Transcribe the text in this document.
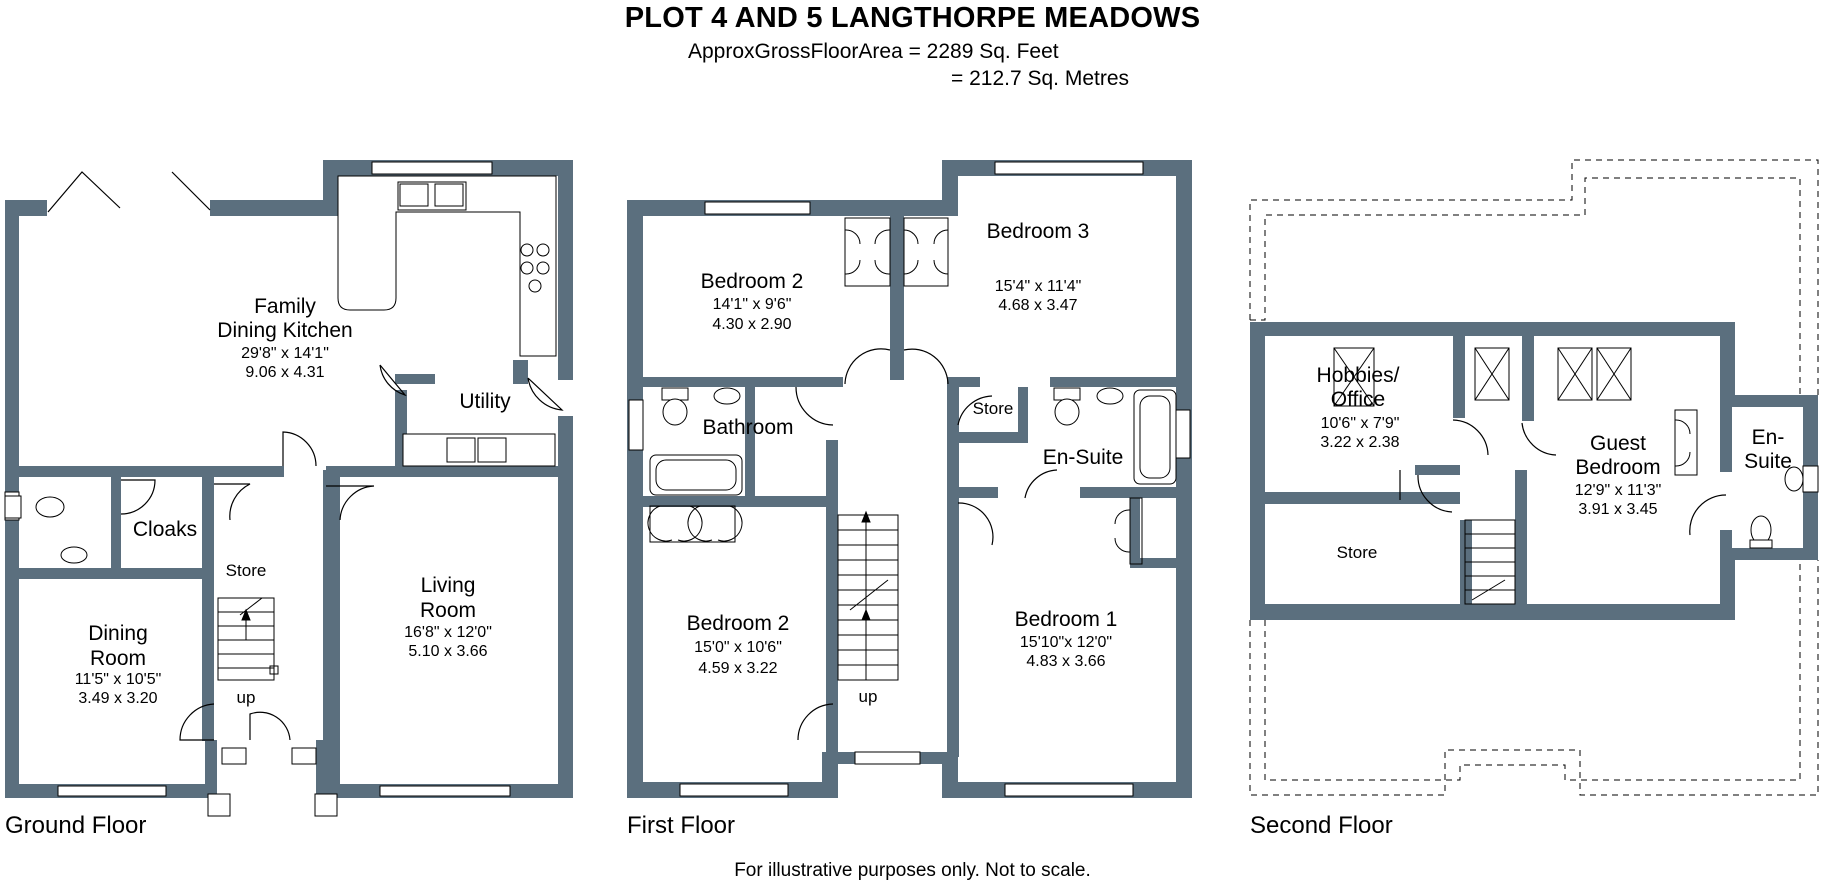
PLOT 4 AND 5 LANGTHORPE MEADOWS
ApproxGrossFloorArea = 2289 Sq. Feet
= 212.7 Sq. Metres
Family
Dining Kitchen
29'8" x 14'1"
9.06 x 4.31
Utility
Cloaks
Store
Living
Room
16'8" x 12'0"
5.10 x 3.66
Dining
Room
11'5" x 10'5"
3.49 x 3.20	up
Bedroom 2
14'1" x 9'6"
4.30 x 2.90
Bedroom 3
15'4" x 11'4"
4.68 x 3.47
Bathroom
Store
En-Suite
Bedroom 2
15'0" x 10'6"
4.59 x 3.22
Bedroom 1
15'10"x 12'0"
4.83 x 3.66
up
Hobbies/
Office
10'6" x 7'9"
3.22 x 2.38
Store
Guest
Bedroom
12'9" x 11'3"
3.91 x 3.45
En-
Suite
Ground Floor	First Floor	Second Floor
For illustrative purposes only. Not to scale.
